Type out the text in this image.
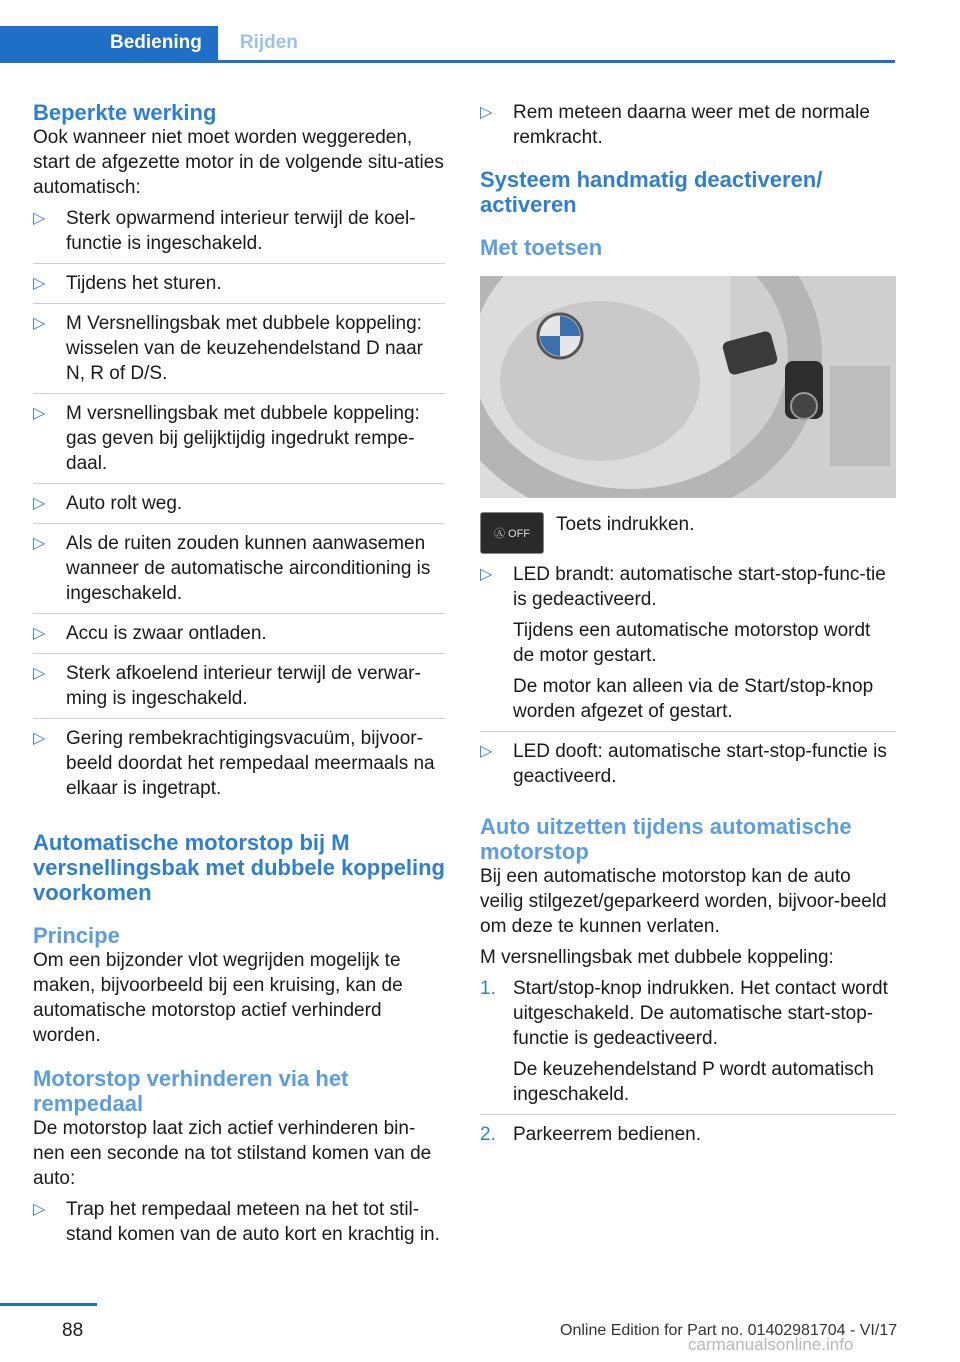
Bediening	Rijden
Beperkte werking

Ook wanneer niet moet worden weggereden, start de afgezette motor in de volgende situ-aties automatisch:

▷ Sterk opwarmend interieur terwijl de koel-functie is ingeschakeld.
▷ Tijdens het sturen.
▷ M Versnellingsbak met dubbele koppeling: wisselen van de keuzehendelstand D naar N, R of D/S.
▷ M versnellingsbak met dubbele koppeling: gas geven bij gelijktijdig ingedrukt rempe-daal.
▷ Auto rolt weg.
▷ Als de ruiten zouden kunnen aanwasemen wanneer de automatische airconditioning is ingeschakeld.
▷ Accu is zwaar ontladen.
▷ Sterk afkoelend interieur terwijl de verwar-ming is ingeschakeld.
▷ Gering rembekrachtigingsvacuüm, bijvoor-beeld doordat het rempedaal meermaals na elkaar is ingetrapt.
Automatische motorstop bij M versnellingsbak met dubbele koppeling voorkomen
Principe

Om een bijzonder vlot wegrijden mogelijk te maken, bijvoorbeeld bij een kruising, kan de automatische motorstop actief verhinderd worden.

Motorstop verhinderen via het rempedaal

De motorstop laat zich actief verhinderen bin-nen een seconde na tot stilstand komen van de auto:

▷ Trap het rempedaal meteen na het tot stil-stand komen van de auto kort en krachtig in.
▷ Rem meteen daarna weer met de normale remkracht.
Systeem handmatig deactiveren/ activeren
Met toetsen
Ⓐ OFF	Toets indrukken.
▷ LED brandt: automatische start-stop-func-tie is gedeactiveerd.
Tijdens een automatische motorstop wordt de motor gestart.
De motor kan alleen via de Start/stop-knop worden afgezet of gestart.
▷ LED dooft: automatische start-stop-functie is geactiveerd.
Auto uitzetten tijdens automatische motorstop

Bij een automatische motorstop kan de auto veilig stilgezet/geparkeerd worden, bijvoor-beeld om deze te kunnen verlaten.

M versnellingsbak met dubbele koppeling:

1. Start/stop-knop indrukken. Het contact wordt uitgeschakeld. De automatische start-stop-functie is gedeactiveerd.
De keuzehendelstand P wordt automatisch ingeschakeld.
2. Parkeerrem bedienen.
88	Online Edition for Part no. 01402981704 - VI/17
carmanualsonline.info
